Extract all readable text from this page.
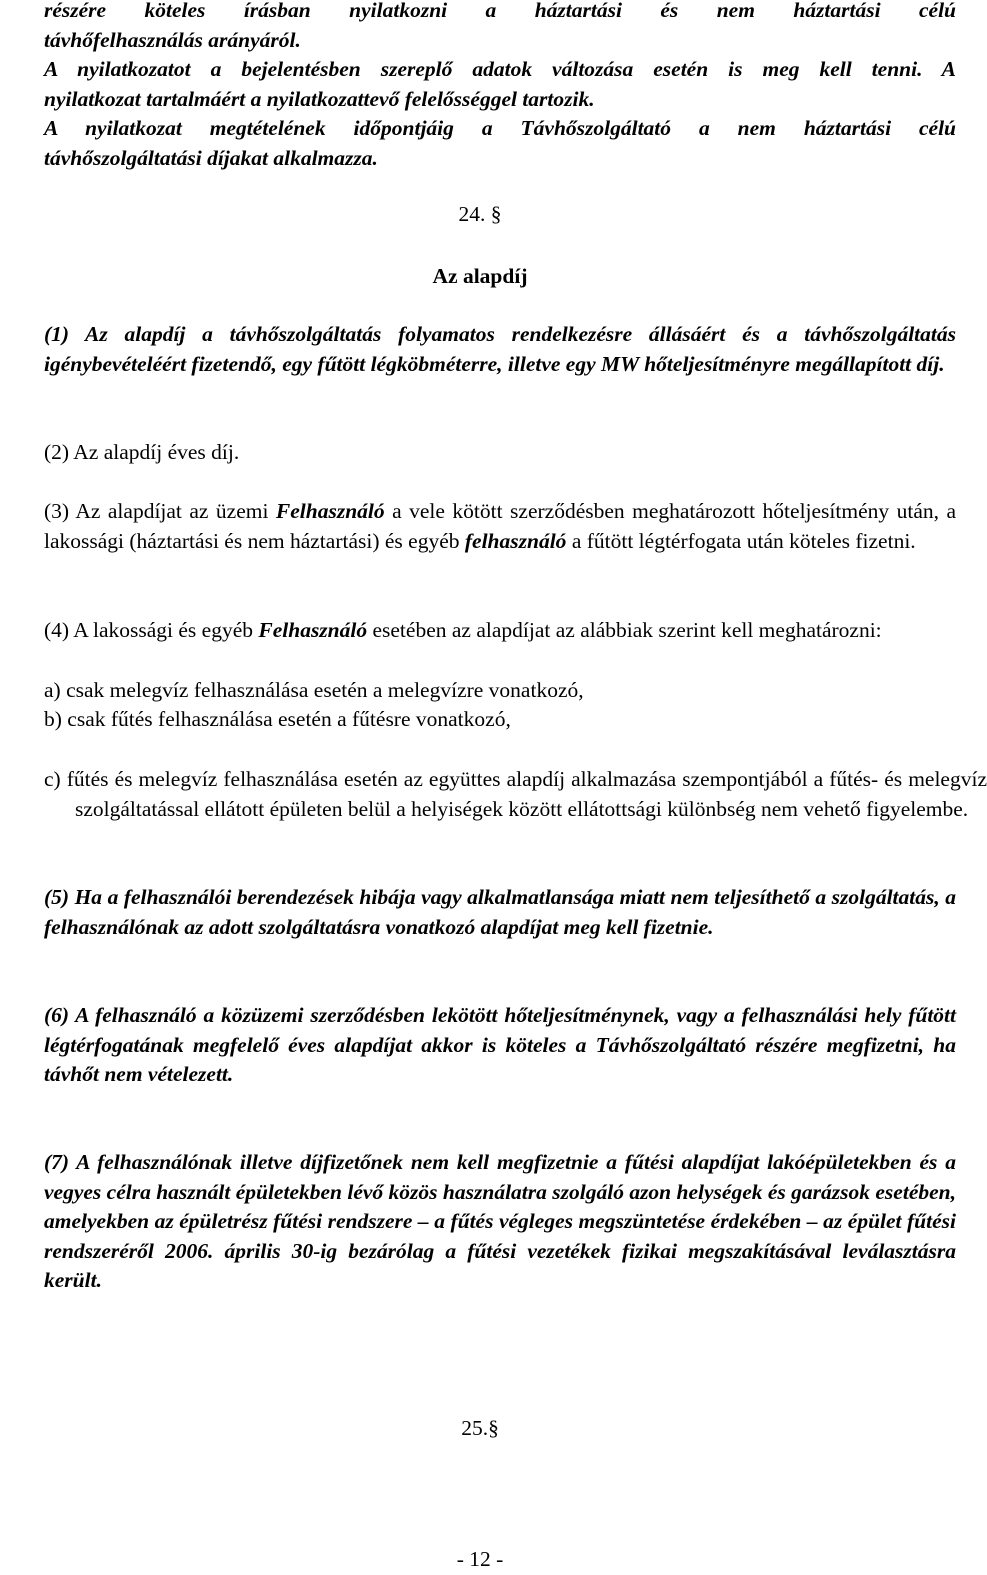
részére köteles írásban nyilatkozni a háztartási és nem háztartási célú
távhőfelhasználás arányáról.
A nyilatkozatot a bejelentésben szereplő adatok változása esetén is meg kell tenni. A
nyilatkozat tartalmáért a nyilatkozattevő felelősséggel tartozik.
A nyilatkozat megtételének időpontjáig a Távhőszolgáltató a nem háztartási célú
távhőszolgáltatási díjakat alkalmazza.
24. §
Az alapdíj
(1) Az alapdíj a távhőszolgáltatás folyamatos rendelkezésre állásáért és a távhőszolgáltatás igénybevételéért fizetendő, egy fűtött légköbméterre, illetve egy MW hőteljesítményre megállapított díj.
(2) Az alapdíj éves díj.
(3) Az alapdíjat az üzemi Felhasználó a vele kötött szerződésben meghatározott hőteljesítmény után, a lakossági (háztartási és nem háztartási) és egyéb felhasználó a fűtött légtérfogata után köteles fizetni.
(4) A lakossági és egyéb Felhasználó esetében az alapdíjat az alábbiak szerint kell meghatározni:
a) csak melegvíz felhasználása esetén a melegvízre vonatkozó,
b) csak fűtés felhasználása esetén a fűtésre vonatkozó,
c) fűtés és melegvíz felhasználása esetén az együttes alapdíj alkalmazása szempontjából a fűtés- és melegvíz szolgáltatással ellátott épületen belül a helyiségek között ellátottsági különbség nem vehető figyelembe.
(5) Ha a felhasználói berendezések hibája vagy alkalmatlansága miatt nem teljesíthető a szolgáltatás, a felhasználónak az adott szolgáltatásra vonatkozó alapdíjat meg kell fizetnie.
(6) A felhasználó a közüzemi szerződésben lekötött hőteljesítménynek, vagy a felhasználási hely fűtött légtérfogatának megfelelő éves alapdíjat akkor is köteles a Távhőszolgáltató részére megfizetni, ha távhőt nem vételezett.
(7) A felhasználónak illetve díjfizetőnek nem kell megfizetnie a fűtési alapdíjat lakóépületekben és a vegyes célra használt épületekben lévő közös használatra szolgáló azon helységek és garázsok esetében, amelyekben az épületrész fűtési rendszere – a fűtés végleges megszüntetése érdekében – az épület fűtési rendszeréről 2006. április 30-ig bezárólag a fűtési vezetékek fizikai megszakításával leválasztásra került.
25.§
- 12 -
